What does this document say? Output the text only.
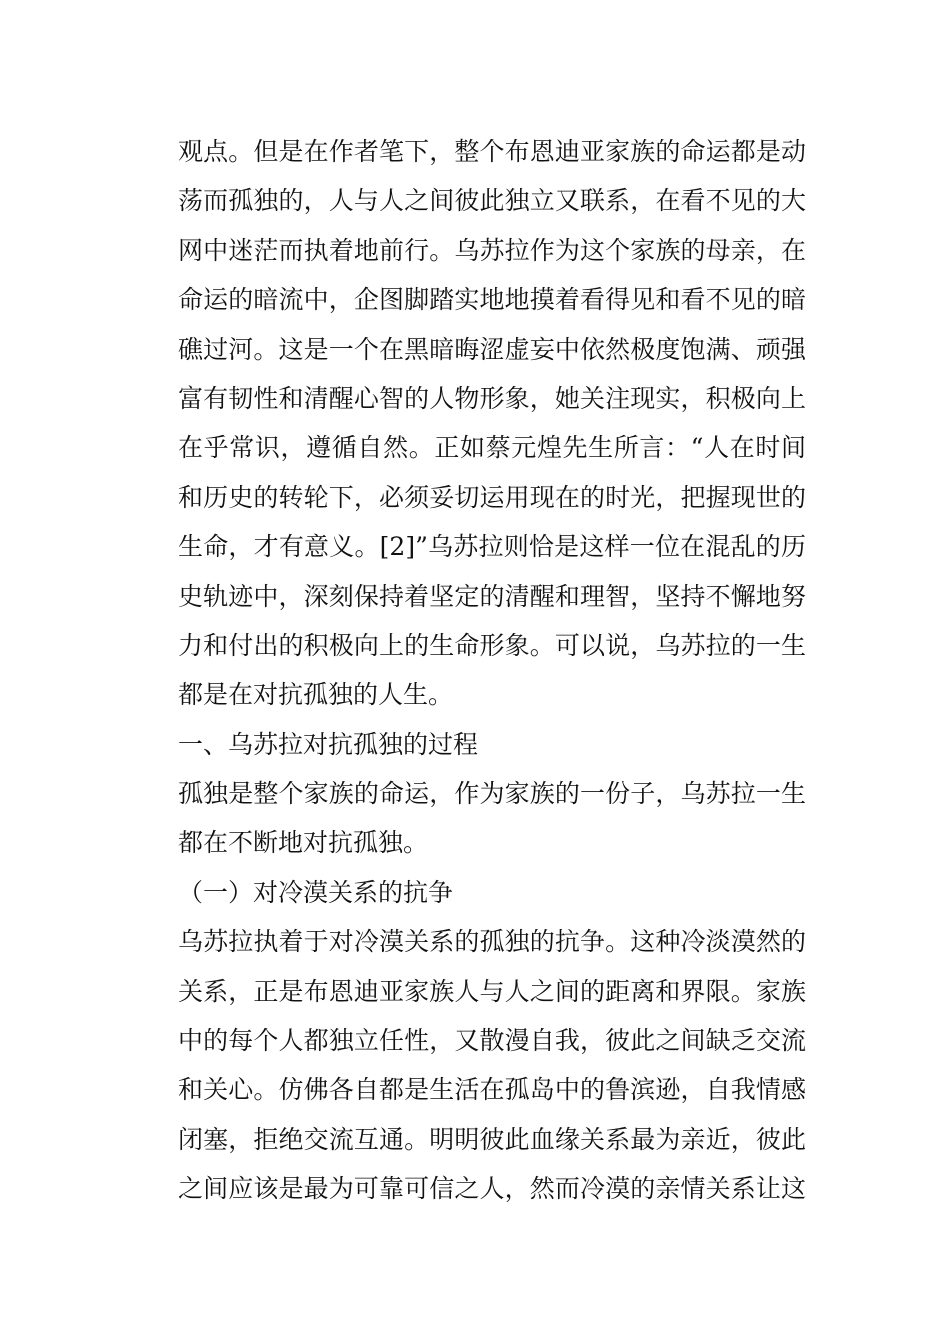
观点。但是在作者笔下，整个布恩迪亚家族的命运都是动
荡而孤独的，人与人之间彼此独立又联系，在看不见的大
网中迷茫而执着地前行。乌苏拉作为这个家族的母亲，在
命运的暗流中，企图脚踏实地地摸着看得见和看不见的暗
礁过河。这是一个在黑暗晦涩虚妄中依然极度饱满、顽强
富有韧性和清醒心智的人物形象，她关注现实，积极向上
在乎常识，遵循自然。正如蔡元煌先生所言：“人在时间
和历史的转轮下，必须妥切运用现在的时光，把握现世的
生命，才有意义。[2]”乌苏拉则恰是这样一位在混乱的历
史轨迹中，深刻保持着坚定的清醒和理智，坚持不懈地努
力和付出的积极向上的生命形象。可以说，乌苏拉的一生
都是在对抗孤独的人生。
一、乌苏拉对抗孤独的过程
孤独是整个家族的命运，作为家族的一份子，乌苏拉一生
都在不断地对抗孤独。
（一）对冷漠关系的抗争
乌苏拉执着于对冷漠关系的孤独的抗争。这种冷淡漠然的
关系，正是布恩迪亚家族人与人之间的距离和界限。家族
中的每个人都独立任性，又散漫自我，彼此之间缺乏交流
和关心。仿佛各自都是生活在孤岛中的鲁滨逊，自我情感
闭塞，拒绝交流互通。明明彼此血缘关系最为亲近，彼此
之间应该是最为可靠可信之人，然而冷漠的亲情关系让这
